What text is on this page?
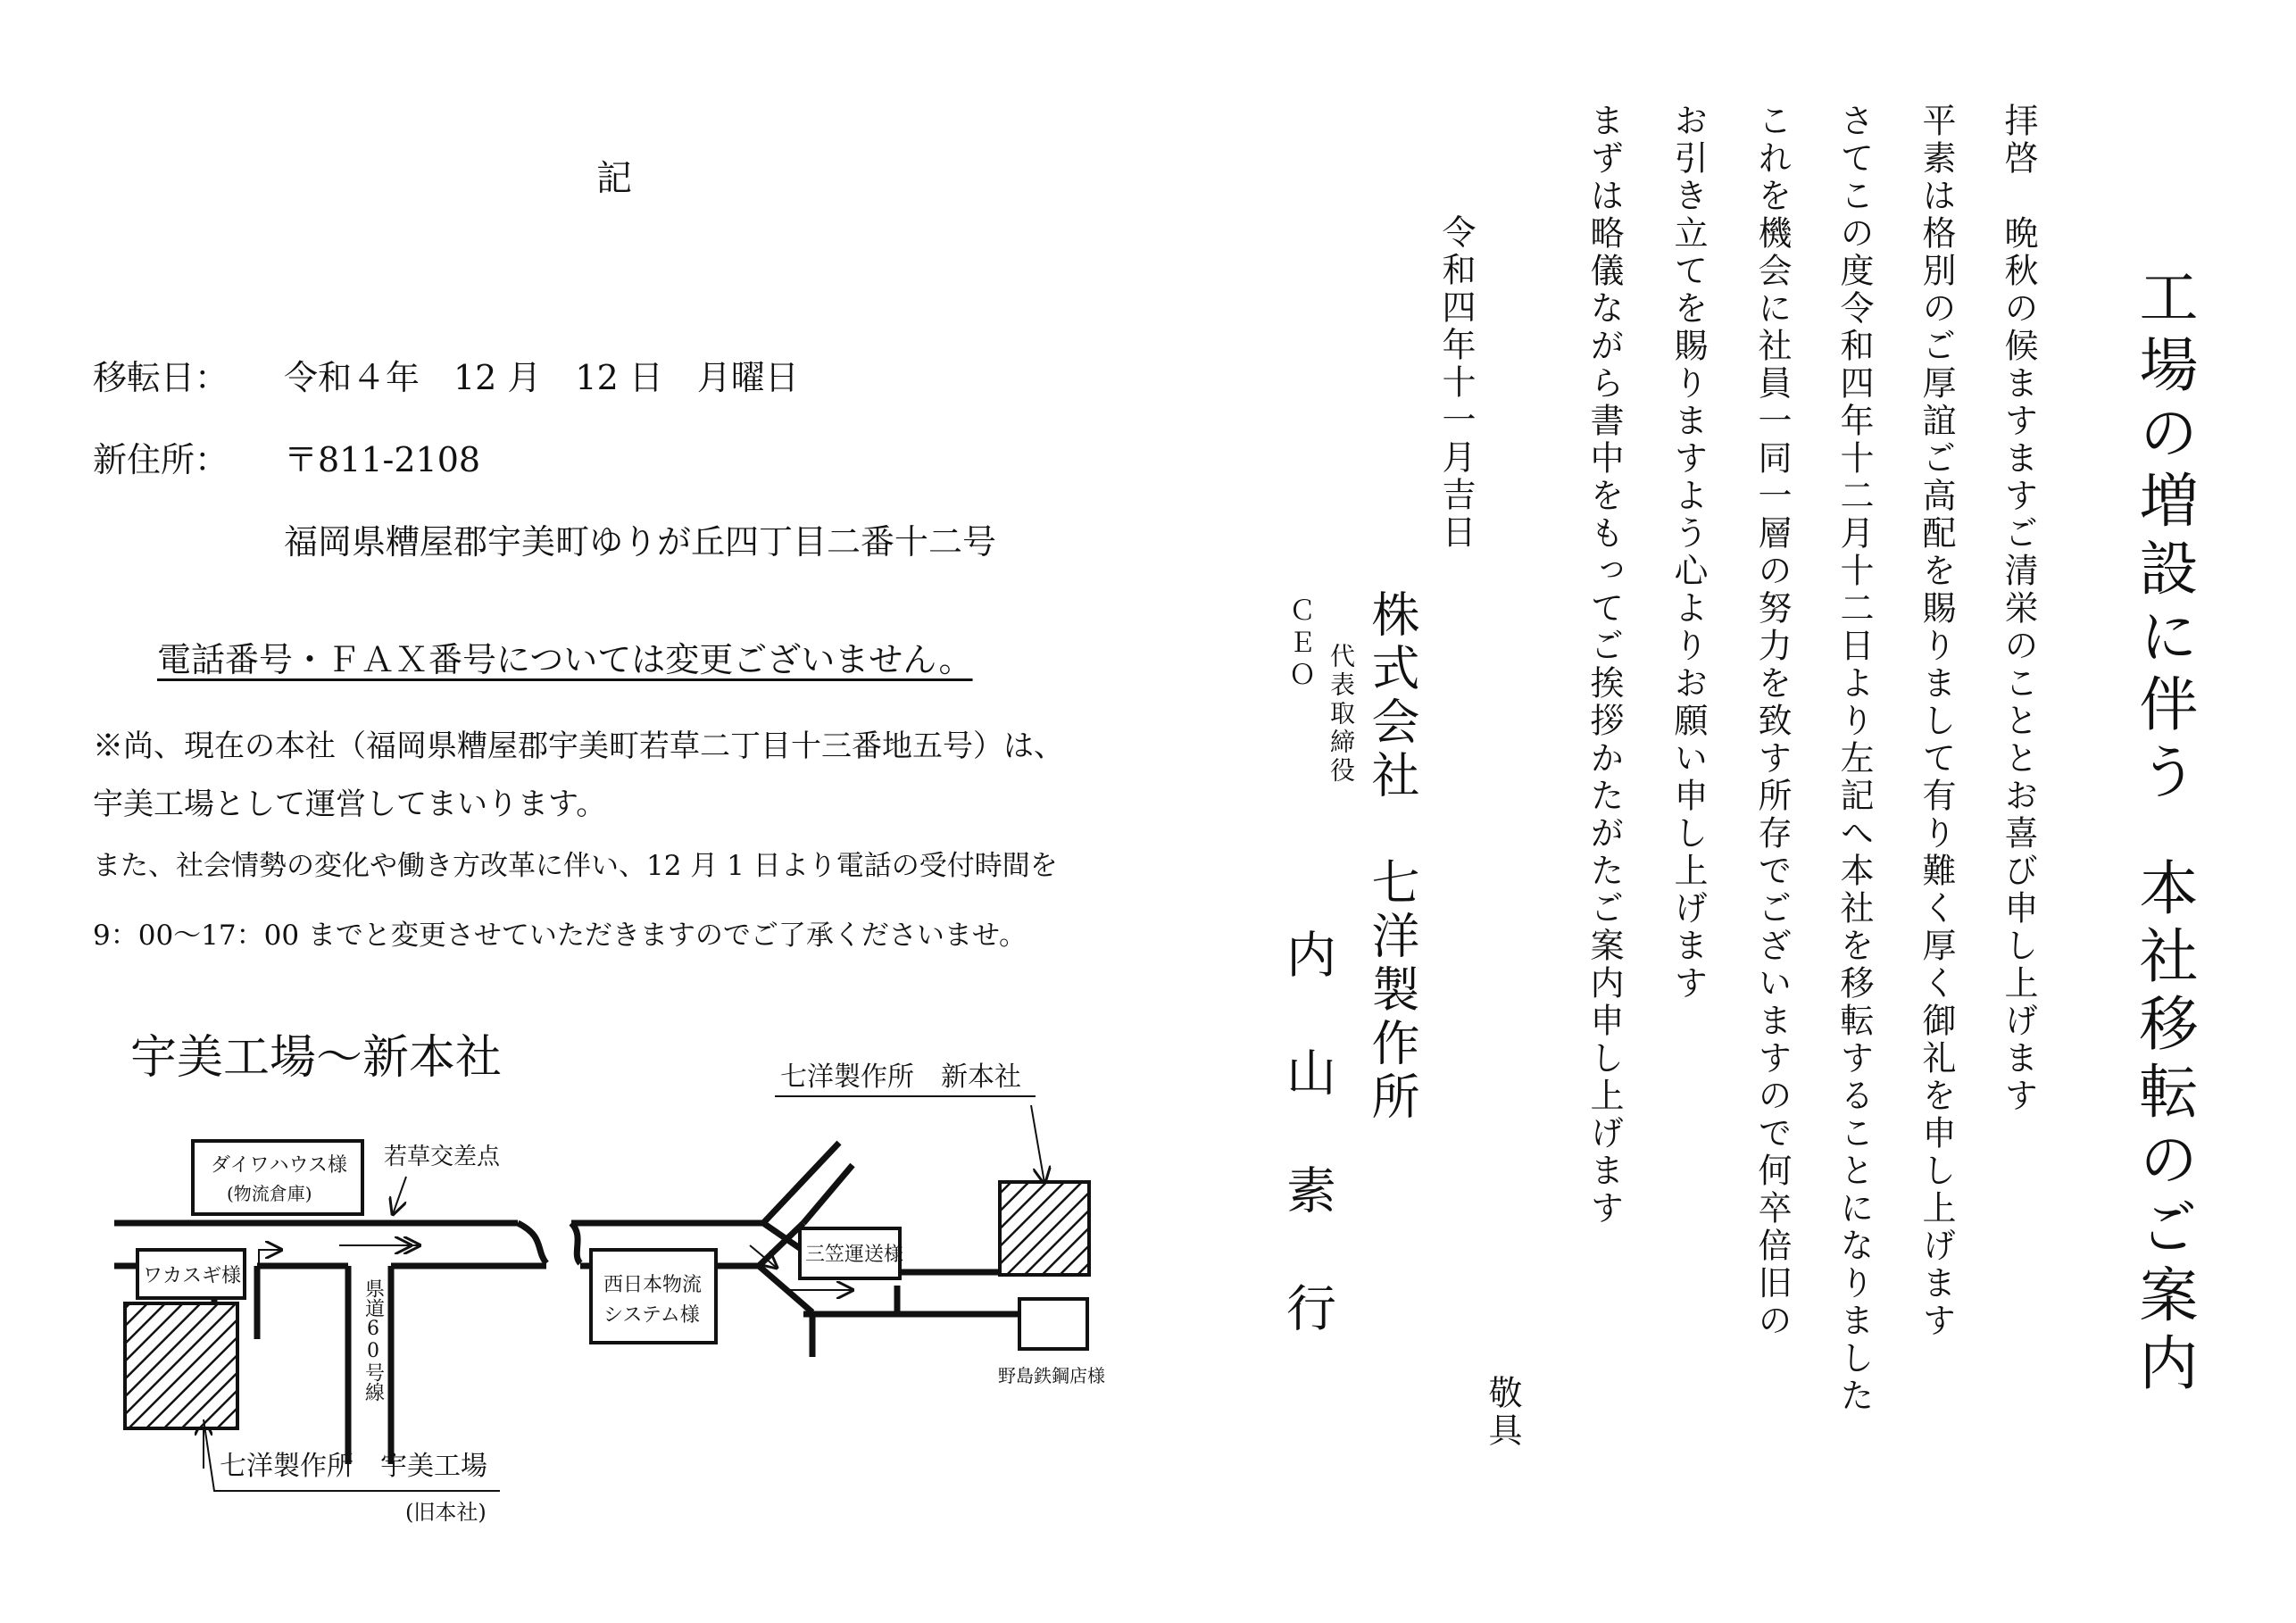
工場の増設に伴う
本社移転のご案内
拝啓　晩秋の候ますますご清栄のこととお喜び申し上げます
平素は格別のご厚誼ご高配を賜りまして有り難く厚く御礼を申し上げます
さてこの度令和四年十二月十二日より左記へ本社を移転することになりました
これを機会に社員一同一層の努力を致す所存でございますので何卒倍旧の
お引き立てを賜りますよう心よりお願い申し上げます
まずは略儀ながら書中をもってご挨拶かたがたご案内申し上げます
敬具
令和四年十一月吉日
株式会社　七洋製作所
代表取締役
ＣＥＯ
内　山　素　行
記
移転日： 令和４年　12 月　12 日　月曜日
新住所： 〒811-2108
福岡県糟屋郡宇美町ゆりが丘四丁目二番十二号
電話番号・ＦＡＸ番号については変更ございません。
※尚、現在の本社（福岡県糟屋郡宇美町若草二丁目十三番地五号）は、
宇美工場として運営してまいります。
また、社会情勢の変化や働き方改革に伴い、12 月 1 日より電話の受付時間を
9：00～17：00 までと変更させていただきますのでご了承くださいませ。
宇美工場～新本社	七洋製作所　新本社
ダイワハウス様
(物流倉庫)
若草交差点
ワカスギ様
県道60号線	西日本物流
システム様
三笠運送様
野島鉄鋼店様
七洋製作所　宇美工場
(旧本社)
